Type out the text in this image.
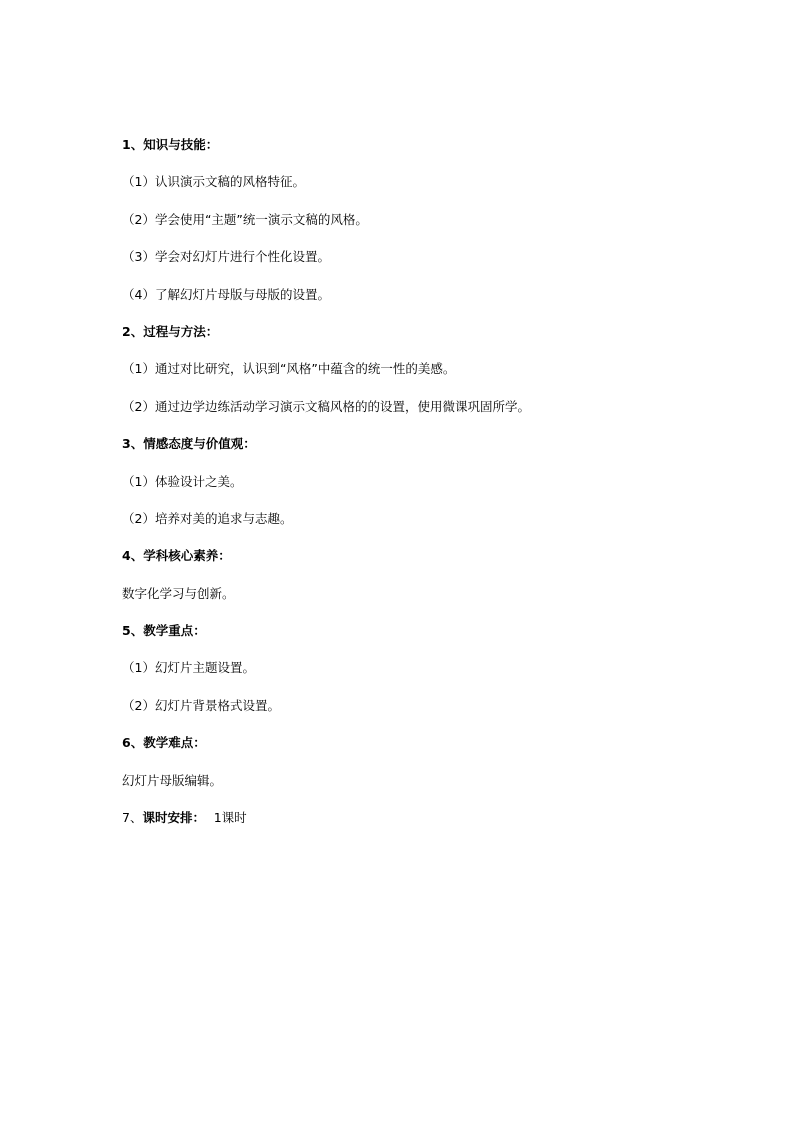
1、知识与技能：
（1）认识演示文稿的风格特征。
（2）学会使用“主题”统一演示文稿的风格。
（3）学会对幻灯片进行个性化设置。
（4）了解幻灯片母版与母版的设置。
2、过程与方法：
（1）通过对比研究，认识到“风格”中蕴含的统一性的美感。
（2）通过边学边练活动学习演示文稿风格的的设置，使用微课巩固所学。
3、情感态度与价值观：
（1）体验设计之美。
（2）培养对美的追求与志趣。
4、学科核心素养：
数字化学习与创新。
5、教学重点：
（1）幻灯片主题设置。
（2）幻灯片背景格式设置。
6、教学难点：
幻灯片母版编辑。
7、课时安排： 1课时
